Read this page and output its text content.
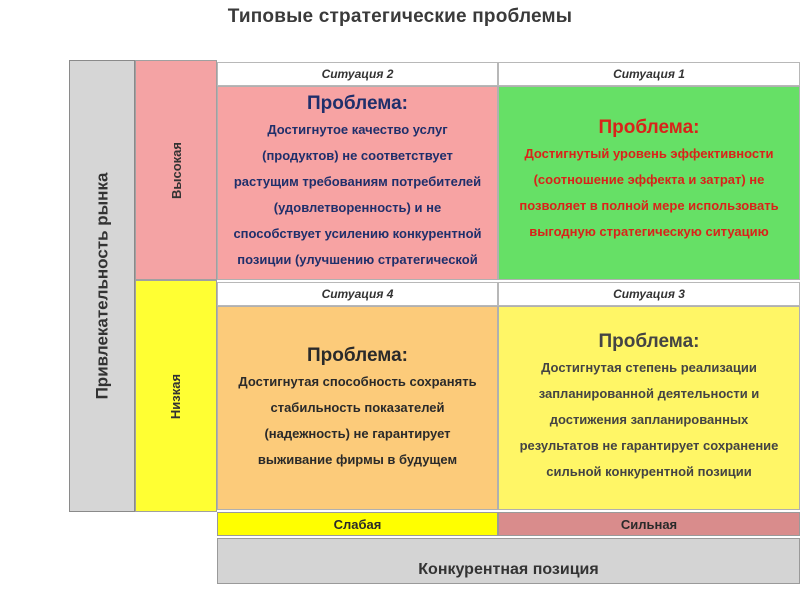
Типовые стратегические проблемы
Привлекательность рынка
Высокая
Низкая
Ситуация 2	Ситуация 1
Ситуация 4	Ситуация 3
Проблема:
Достигнутое качество услуг
(продуктов) не соответствует
растущим требованиям потребителей
(удовлетворенность) и не
способствует усилению конкурентной
позиции (улучшению стратегической
Проблема:
Достигнутый уровень эффективности
(соотношение эффекта и затрат) не
позволяет в полной мере использовать
выгодную стратегическую ситуацию
Проблема:
Достигнутая способность сохранять
стабильность показателей
(надежность) не гарантирует
выживание фирмы в будущем
Проблема:
Достигнутая степень реализации
запланированной деятельности и
достижения запланированных
результатов не гарантирует сохранение
сильной конкурентной позиции
Слабая	Сильная
Конкурентная позиция
